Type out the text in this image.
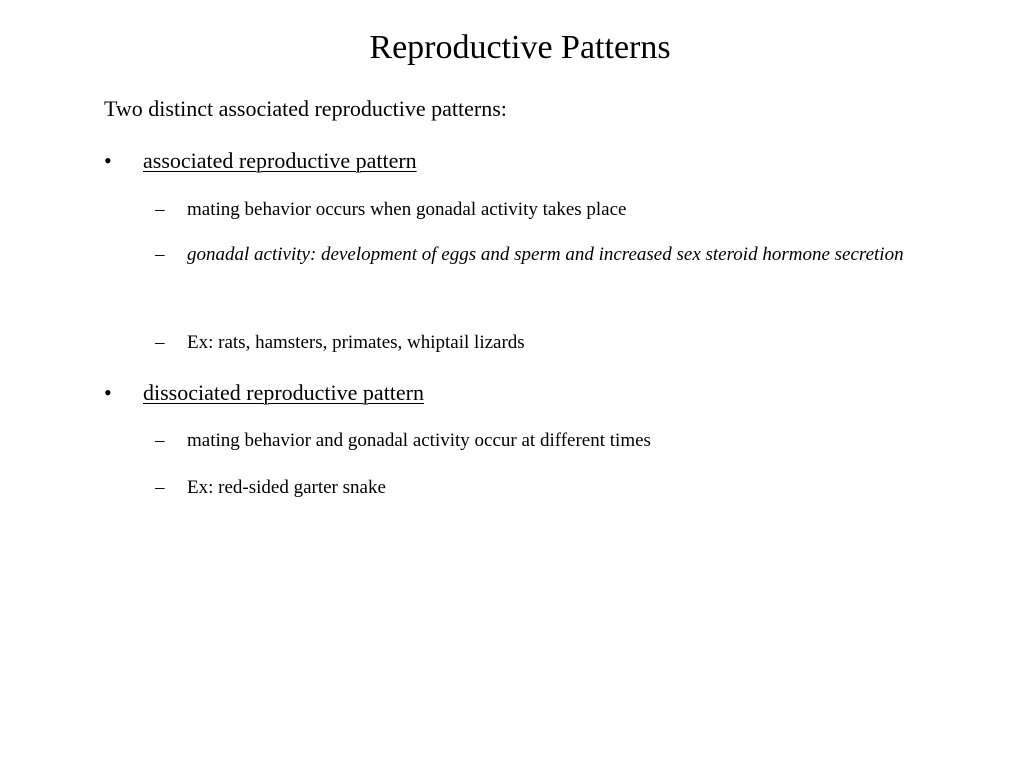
Reproductive Patterns
Two distinct associated reproductive patterns:
•	associated reproductive pattern
– mating behavior occurs when gonadal activity takes place
– gonadal activity: development of eggs and sperm and increased sex steroid hormone secretion
– Ex: rats, hamsters, primates, whiptail lizards
•	dissociated reproductive pattern
– mating behavior and gonadal activity occur at different times
– Ex: red-sided garter snake
